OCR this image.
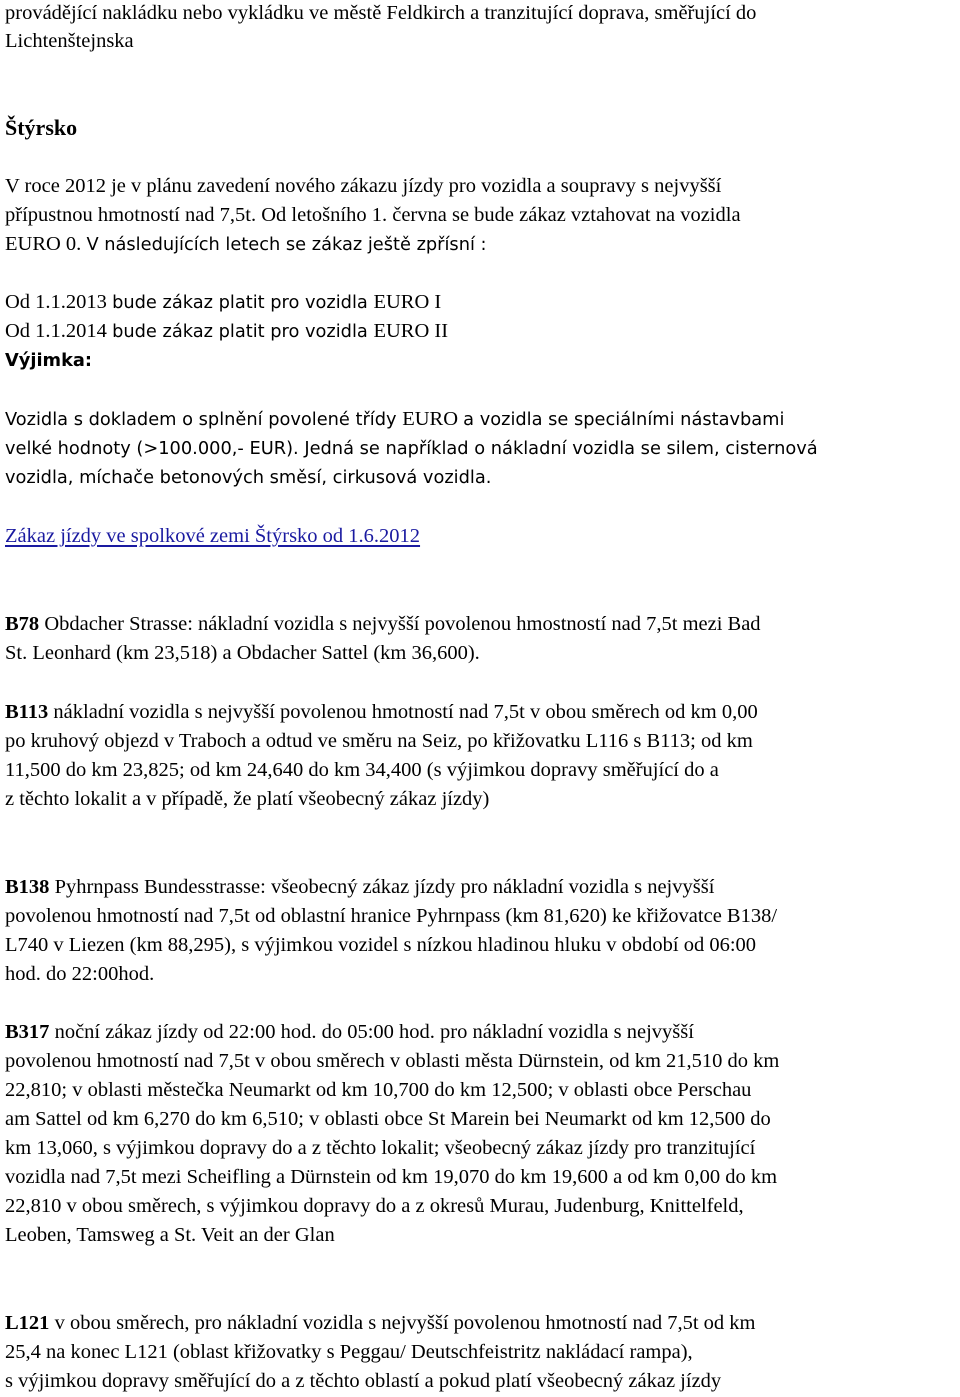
provádějící nakládku nebo vykládku ve městě Feldkirch a tranzitující doprava, směřující do
Lichtenštejnska
Štýrsko
V roce 2012 je v plánu zavedení nového zákazu jízdy pro vozidla a soupravy s nejvyšší
přípustnou hmotností nad 7,5t. Od letošního 1. června se bude zákaz vztahovat na vozidla
EURO 0. V následujících letech se zákaz ještě zpřísní :
Od 1.1.2013 bude zákaz platit pro vozidla EURO I
Od 1.1.2014 bude zákaz platit pro vozidla EURO II
Výjimka:
Vozidla s dokladem o splnění povolené třídy EURO a vozidla se speciálními nástavbami
velké hodnoty (>100.000,- EUR). Jedná se například o nákladní vozidla se silem, cisternová
vozidla, míchače betonových směsí, cirkusová vozidla.
Zákaz jízdy ve spolkové zemi Štýrsko od 1.6.2012
B78 Obdacher Strasse: nákladní vozidla s nejvyšší povolenou hmostností nad 7,5t mezi Bad
St. Leonhard (km 23,518) a Obdacher Sattel (km 36,600).
B113 nákladní vozidla s nejvyšší povolenou hmotností nad 7,5t v obou směrech od km 0,00
po kruhový objezd v Traboch a odtud ve směru na Seiz, po křižovatku L116 s B113; od km
11,500 do km 23,825; od km 24,640 do km 34,400 (s výjimkou dopravy směřující do a
z těchto lokalit a v případě, že platí všeobecný zákaz jízdy)
B138 Pyhrnpass Bundesstrasse: všeobecný zákaz jízdy pro nákladní vozidla s nejvyšší
povolenou hmotností nad 7,5t od oblastní hranice Pyhrnpass (km 81,620) ke křižovatce B138/
L740 v Liezen (km 88,295), s výjimkou vozidel s nízkou hladinou hluku v období od 06:00
hod. do 22:00hod.
B317 noční zákaz jízdy od 22:00 hod. do 05:00 hod. pro nákladní vozidla s nejvyšší
povolenou hmotností nad 7,5t v obou směrech v oblasti města Dürnstein, od km 21,510 do km
22,810; v oblasti městečka Neumarkt od km 10,700 do km 12,500; v oblasti obce Perschau
am Sattel od km 6,270 do km 6,510; v oblasti obce St Marein bei Neumarkt od km 12,500 do
km 13,060, s výjimkou dopravy do a z těchto lokalit; všeobecný zákaz jízdy pro tranzitující
vozidla nad 7,5t mezi Scheifling a Dürnstein od km 19,070 do km 19,600 a od km 0,00 do km
22,810 v obou směrech, s výjimkou dopravy do a z okresů Murau, Judenburg, Knittelfeld,
Leoben, Tamsweg a St. Veit an der Glan
L121 v obou směrech, pro nákladní vozidla s nejvyšší povolenou hmotností nad 7,5t od km
25,4 na konec L121 (oblast křižovatky s Peggau/ Deutschfeistritz nakládací rampa),
s výjimkou dopravy směřující do a z těchto oblastí a pokud platí všeobecný zákaz jízdy
